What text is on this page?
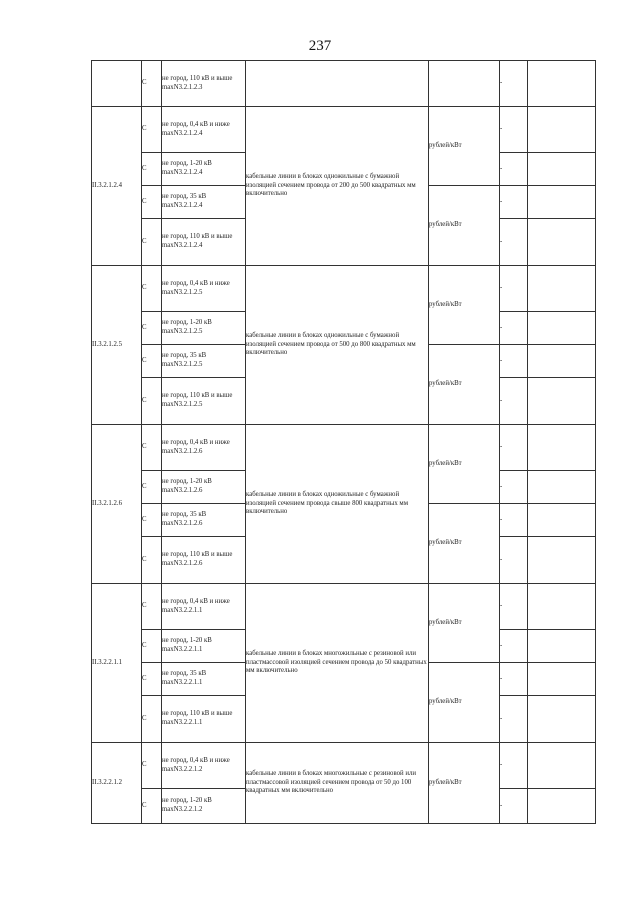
237
	С	не город, 110 кВ и выше maxN3.2.1.2.3			-	
II.3.2.1.2.4	С	не город, 0,4 кВ и ниже maxN3.2.1.2.4	кабельные линии в блоках одножильные с бумажной изоляцией сечением провода от 200 до 500 квадратных мм включительно	рублей/кВт	-	
	С	не город, 1-20 кВ maxN3.2.1.2.4			-	
	С	не город, 35 кВ maxN3.2.1.2.4		рублей/кВт	-	
	С	не город, 110 кВ и выше maxN3.2.1.2.4			-	
II.3.2.1.2.5	С	не город, 0,4 кВ и ниже maxN3.2.1.2.5	кабельные линии в блоках одножильные с бумажной изоляцией сечением провода от 500 до 800 квадратных мм включительно	рублей/кВт	-	
	С	не город, 1-20 кВ maxN3.2.1.2.5			-	
	С	не город, 35 кВ maxN3.2.1.2.5		рублей/кВт	-	
	С	не город, 110 кВ и выше maxN3.2.1.2.5			-	
II.3.2.1.2.6	С	не город, 0,4 кВ и ниже maxN3.2.1.2.6	кабельные линии в блоках одножильные с бумажной изоляцией сечением провода свыше 800 квадратных мм включительно	рублей/кВт	-	
	С	не город, 1-20 кВ maxN3.2.1.2.6			-	
	С	не город, 35 кВ maxN3.2.1.2.6		рублей/кВт	-	
	С	не город, 110 кВ и выше maxN3.2.1.2.6			-	
II.3.2.2.1.1	С	не город, 0,4 кВ и ниже maxN3.2.2.1.1	кабельные линии в блоках многожильные с резиновой или пластмассовой изоляцией сечением провода до 50 квадратных мм включительно	рублей/кВт	-	
	С	не город, 1-20 кВ maxN3.2.2.1.1			-	
	С	не город, 35 кВ maxN3.2.2.1.1		рублей/кВт	-	
	С	не город, 110 кВ и выше maxN3.2.2.1.1			-	
II.3.2.2.1.2	С	не город, 0,4 кВ и ниже maxN3.2.2.1.2	кабельные линии в блоках многожильные с резиновой или пластмассовой изоляцией сечением провода от 50 до 100 квадратных мм включительно	рублей/кВт	-	
	С	не город, 1-20 кВ maxN3.2.2.1.2			-	
